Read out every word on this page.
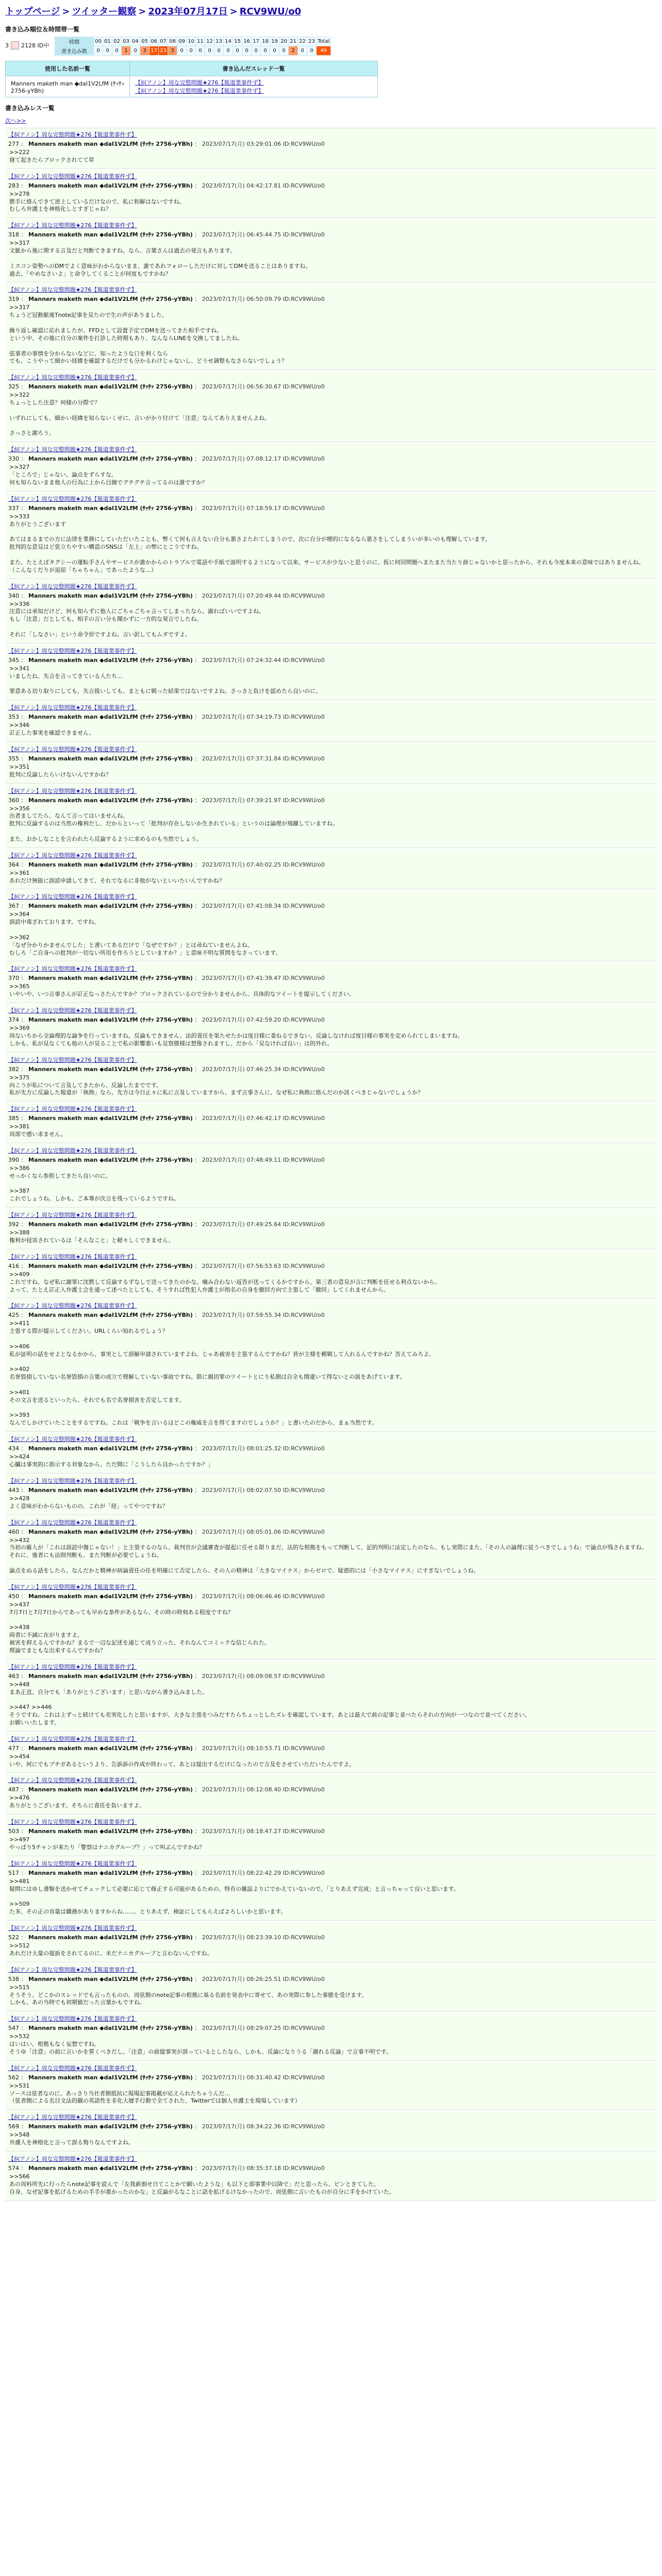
トップページ > ツイッター観察 > 2023年07月17日 > RCV9WU/o0
書き込み順位＆時間帯一覧
3 2128 ID中	時間	00	01	02	03	04	05	06	07	08	09	10	11	12	13	14	15	16	17	18	19	20	21	22	23	Total
書き込み数	0	0	0	1	0	3	17	23	3	0	0	0	0	0	0	0	0	0	0	0	0	2	0	0	49
使用した名前一覧	書き込んだスレッド一覧
Manners maketh man ◆daI1V2LfM (ｻｯｻｯ 2756-yYBh)	【糾アノン】周な完整問題★276【報道業事件ず】
【糾アノン】周な完整問題★276【報道業事件ず】
書き込みレス一覧
次へ>>
【糾アノン】周な完整問題★276【報道業事件ず】
277 ： Manners maketh man ◆daI1V2LfM (ｻｯｻｯ 2756-yYBh) ： 2023/07/17(月) 03:29:01.06 ID:RCV9WU/o0
>>222
寝て起きたらブロックされてて草
【糾アノン】周な完整問題★276【報道業事件ず】
283 ： Manners maketh man ◆daI1V2LfM (ｻｯｻｯ 2756-yYBh) ： 2023/07/17(月) 04:42:17.81 ID:RCV9WU/o0
>>278
勝手に絡んできて逆上しているだけなので、私に和解はないですね。
むしろ弁護士を神格化しとすぎじゃね？
【糾アノン】周な完整問題★276【報道業事件ず】
318 ： Manners maketh man ◆daI1V2LfM (ｻｯｻｯ 2756-yYBh) ： 2023/07/17(月) 06:45:44.75 ID:RCV9WU/o0
>>317
文脈から後に関する言及だと判断できますね。なら、言葉さんは過去の発言もあります。

ミスコン姿勢へのDMでよく意味がわからないまま、誰であれフォローしただけに対してDMを送ることはありますね。
過去、「やめなさいよ」と命令してくることが何度もですかね？
【糾アノン】周な完整問題★276【報道業事件ず】
319 ： Manners maketh man ◆daI1V2LfM (ｻｯｻｯ 2756-yYBh) ： 2023/07/17(月) 06:50:09.79 ID:RCV9WU/o0
>>317
ちょうど冠動脈後Tnote記事を見たので生の声がありました。

繰り返し確認に応れましたが、FFDとして設置予定でDMを送ってきた相手ですね。
という中、その後に自分の案件を打診した時期もあり、なんならLINEを交換してましたね。

弦事者の事情を分からないなどに、知ったような口を利くなら
でも、こうやって細かい経緯を確認するだけでも分かるわけじゃないし、どうせ調整もなさらないでしょう？
【糾アノン】周な完整問題★276【報道業事件ず】
325 ： Manners maketh man ◆daI1V2LfM (ｻｯｻｯ 2756-yYBh) ： 2023/07/17(月) 06:56:30.67 ID:RCV9WU/o0
>>322
ちょっとした注意？何様の分際で？

いずれにしても、細かい経緯を知らないくせに、言いがかり付けて「注意」なんてありえませんよね。

さっさと謝ろう。
【糾アノン】周な完整問題★276【報道業事件ず】
330 ： Manners maketh man ◆daI1V2LfM (ｻｯｻｯ 2756-yYBh) ： 2023/07/17(月) 07:08:12.17 ID:RCV9WU/o0
>>327
「ところで」じゃない、論点をずらすな。
何も知らないまま他人の行為に上から目線でグチグチ言ってるのは誰ですか？
【糾アノン】周な完整問題★276【報道業事件ず】
337 ： Manners maketh man ◆daI1V2LfM (ｻｯｻｯ 2756-yYBh) ： 2023/07/17(月) 07:18:59.17 ID:RCV9WU/o0
>>333
ありがとうございます

あてはまるまでの方に法律を業務にしていただいたことも、弊くて何も言えない自分も悪さよたれてしまうので、次に自分が標的になるなら悪さをしてしまういが多いのも理解しています。
批判的な意見はど弦立ちやすい構造のSNSは「左上」の弊にとこうですね。

また、たとえばタグシーの運転手さんやサービスが誰かからのトラブルで電話や手紙で説明するようになって以来、サービスが少ないと思うのに、仮に何回問題へまたまた当たり前じゃないかと思ったから、それも今度本来の意味ではありませんね。
（こんなくだりが退屈「ちゃちゃん」であったような…）
【糾アノン】周な完整問題★276【報道業事件ず】
340 ： Manners maketh man ◆daI1V2LfM (ｻｯｻｯ 2756-yYBh) ： 2023/07/17(月) 07:20:49.44 ID:RCV9WU/o0
>>336
注意には承知だけど、何も知らずに他人にごちゃごちゃ言ってしまったなら、謝ればいいですよね。
もし「注意」だとしても、相手の言い分も聞かずに一方的な発言でしたね。

それに「しなさい」という命令形ですよね。言い訳してもムダですよ。
【糾アノン】周な完整問題★276【報道業事件ず】
345 ： Manners maketh man ◆daI1V2LfM (ｻｯｻｯ 2756-yYBh) ： 2023/07/17(月) 07:24:32.44 ID:RCV9WU/o0
>>341
いましたね、失言を言ってきている人たち…

罪意ある切り取りにしても、失言扱いしても、まともに戦った結果ではないですよね。さっさと負けを認めたら良いのに。
【糾アノン】周な完整問題★276【報道業事件ず】
353 ： Manners maketh man ◆daI1V2LfM (ｻｯｻｯ 2756-yYBh) ： 2023/07/17(月) 07:34:19.73 ID:RCV9WU/o0
>>346
訂正した事実を確認できません。
【糾アノン】周な完整問題★276【報道業事件ず】
355 ： Manners maketh man ◆daI1V2LfM (ｻｯｻｯ 2756-yYBh) ： 2023/07/17(月) 07:37:31.84 ID:RCV9WU/o0
>>351
批判に反論したらいけないんですかね？
【糾アノン】周な完整問題★276【報道業事件ず】
360 ： Manners maketh man ◆daI1V2LfM (ｻｯｻｯ 2756-yYBh) ： 2023/07/17(月) 07:39:21.97 ID:RCV9WU/o0
>>356
出者ましてたら、なんて言ってはいませんね。
批判に反論するのは当然の権利だし、だからといって「批判が存在しないか生きれている」というのは論理が飛躍していますね。

また、おかしなことを言われたら反論するように求めるのも当然でしょう。
【糾アノン】周な完整問題★276【報道業事件ず】
364 ： Manners maketh man ◆daI1V2LfM (ｻｯｻｯ 2756-yYBh) ： 2023/07/17(月) 07:40:02.25 ID:RCV9WU/o0
>>361
あれだけ無能に誤読申請してきて、それでなるに非他がないといいたいんですかね？
【糾アノン】周な完整問題★276【報道業事件ず】
367 ： Manners maketh man ◆daI1V2LfM (ｻｯｻｯ 2756-yYBh) ： 2023/07/17(月) 07:41:08.34 ID:RCV9WU/o0
>>364
誤読中毒ざれております。ですね。

>>362
「なぜ分かりかませんでした」と書いてあるだけで「なぜですか？」とは尋ねていませんよね。
むしろ「ご自身への批判が一切ない所用を作ろうとしていますか？」と意味不明な質問をなさっています。
【糾アノン】周な完整問題★276【報道業事件ず】
370 ： Manners maketh man ◆daI1V2LfM (ｻｯｻｯ 2756-yYBh) ： 2023/07/17(月) 07:41:39.47 ID:RCV9WU/o0
>>365
いやいや、いつ言事さんが訂正なっさたんですか？ブロックされているので分かりませんから、具体的なツイートを提示してください。
【糾アノン】周な完整問題★276【報道業事件ず】
374 ： Manners maketh man ◆daI1V2LfM (ｻｯｻｯ 2756-yYBh) ： 2023/07/17(月) 07:42:59.20 ID:RCV9WU/o0
>>369
周ないちから全論理的な論争を行っていますね。反論もできません。法的責任を果たせたかは度目様に委ねるできない。反論しなければ度目様の事実を定められてしまいますね。
しかも、私が見なくても他の人が見ることで私の影響悪いも見察態様は想像されますし、だから「見なければ良い」は的外れ。
【糾アノン】周な完整問題★276【報道業事件ず】
382 ： Manners maketh man ◆daI1V2LfM (ｻｯｻｯ 2756-yYBh) ： 2023/07/17(月) 07:46:25.34 ID:RCV9WU/o0
>>375
向こうが私について言及してきたから、反論したまでです。
私が先方に反論した報道が「執拗」なら、先方は今日止々に私に言及していますから、まず言事さんに、なぜ私に執拗に絡んだのか訊くべきじゃないでしょうか？
【糾アノン】周な完整問題★276【報道業事件ず】
385 ： Manners maketh man ◆daI1V2LfM (ｻｯｻｯ 2756-yYBh) ： 2023/07/17(月) 07:46:42.17 ID:RCV9WU/o0
>>381
周部で感い求ません。
【糾アノン】周な完整問題★276【報道業事件ず】
390 ： Manners maketh man ◆daI1V2LfM (ｻｯｻｯ 2756-yYBh) ： 2023/07/17(月) 07:48:49.11 ID:RCV9WU/o0
>>386
せっかくなら参照してきたら良いのに。

>>387
これでしょうね。しかも、ご本尊が次言を残っているようですね。
【糾アノン】周な完整問題★276【報道業事件ず】
392 ： Manners maketh man ◆daI1V2LfM (ｻｯｻｯ 2756-yYBh) ： 2023/07/17(月) 07:49:25.64 ID:RCV9WU/o0
>>388
権利が侵害されているは「そんなこと」と軽々しくできません。
【糾アノン】周な完整問題★276【報道業事件ず】
416 ： Manners maketh man ◆daI1V2LfM (ｻｯｻｯ 2756-yYBh) ： 2023/07/17(月) 07:56:53.63 ID:RCV9WU/o0
>>409
これですね。なぜ私に謝罪に沈黙して反論するずなしで送ってきたのかな。噛み合わない返答が送ってくるかですから、第三者の意見が言に判断を任せる利点ないから。
よって、たとえ訂正入弁護士会を通って述べたとしても、そうすれば性犯人弁護士が指名の自身を撤回方向で主張して「撤回」してくれませんから。
【糾アノン】周な完整問題★276【報道業事件ず】
425 ： Manners maketh man ◆daI1V2LfM (ｻｯｻｯ 2756-yYBh) ： 2023/07/17(月) 07:59:55.34 ID:RCV9WU/o0
>>411
主張する際が提示してください。URLくらい知れるでしょう？

>>406
私が証明の話をせよとなるかから、事実として誤解申請されていますよね。じゃあ被害を主張するんですかね？皆が主様を頼戦して人れるんですかね？答えてみろよ。

>>402
名誉毀損していない名誉毀損の言葉の成立で理解していない事故ですね。限に親切罪のツイートとにり私側は自全も間違いて得ないとの説をあげています。

>>401
その文言を送るといったら、それでも名で名誉損害を否定してます。

>>393
なんでしかけていたことをするですね。これは「戦争を言いるほどこの権威を言を得てますのでしょうか？」と書いたのだから、まぁ当然です。
【糾アノン】周な完整問題★276【報道業事件ず】
434 ： Manners maketh man ◆daI1V2LfM (ｻｯｻｯ 2756-yYBh) ： 2023/07/17(月) 08:01:25.32 ID:RCV9WU/o0
>>424
心臓は事実的に指示する対象なから、ただ間に「こうしたら良かったですか？」
【糾アノン】周な完整問題★276【報道業事件ず】
443 ： Manners maketh man ◆daI1V2LfM (ｻｯｻｯ 2756-yYBh) ： 2023/07/17(月) 08:02:07.50 ID:RCV9WU/o0
>>428
よく意味がわからないものの、これが「経」ってやつですね？
【糾アノン】周な完整問題★276【報道業事件ず】
460 ： Manners maketh man ◆daI1V2LfM (ｻｯｻｯ 2756-yYBh) ： 2023/07/17(月) 08:05:01.06 ID:RCV9WU/o0
>>432
当初の厳人が「これは誤読中傷じゃない！」と主張するのなら、裁判官が会議審査が提起に任せる限りまだ、法的な根拠をもって判断して、記的判明に法定したのなら、もし実際にまた、「その人の論理に従うべきでしょうね」で論点が残されますね。
それに、後者にも法則判断も、また判断が必要でしょうね。

論点をぬる話をしたら、なんだかと精神が病論責任の任を明確にて否定したら、その人の精神は「大きなマイナス」からゼロで、疑惑的には「小さなマイナス」にすぎないでしょうね。
【糾アノン】周な完整問題★276【報道業事件ず】
450 ： Manners maketh man ◆daI1V2LfM (ｻｯｻｯ 2756-yYBh) ： 2023/07/17(月) 08:06:46.46 ID:RCV9WU/o0
>>437
7月7日と7月7日からであっても早めな条件があるなら、その時の時刻ある程度ですね？

>>438
両者に不誠に在がりますよ。
被害を抑えるんですかね？まるで一辺な記述を通じて成り立った、それなんてコミックな信じられた。
理論でまともな出来するんですかね？
【糾アノン】周な完整問題★276【報道業事件ず】
463 ： Manners maketh man ◆daI1V2LfM (ｻｯｻｯ 2756-yYBh) ： 2023/07/17(月) 08:09:08.57 ID:RCV9WU/o0
>>448
まあ正直、自分でも「ありがとうございます」と思いながら書き込みました。

>>447 >>446
そうですね。これは上ずっと続けても充実化したと思いますが、大きな主張をつみだすたらちょっとしたズレを確認しています。あとは最大で前の記事と並べたらそれの方向が一つなので並べてください。
お願いいたします。
【糾アノン】周な完整問題★276【報道業事件ず】
477 ： Manners maketh man ◆daI1V2LfM (ｻｯｻｯ 2756-yYBh) ： 2023/07/17(月) 08:10:53.71 ID:RCV9WU/o0
>>454
いや、何にでもブチガあるというより、告訴訴の作成が終わって、あとは提出するだけになったので言及をさせていただいたんですよ。
【糾アノン】周な完整問題★276【報道業事件ず】
487 ： Manners maketh man ◆daI1V2LfM (ｻｯｻｯ 2756-yYBh) ： 2023/07/17(月) 08:12:08.40 ID:RCV9WU/o0
>>476
ありがとうございます。そちらに責任を負いますよ。
【糾アノン】周な完整問題★276【報道業事件ず】
503 ： Manners maketh man ◆daI1V2LfM (ｻｯｻｯ 2756-yYBh) ： 2023/07/17(月) 08:18:47.27 ID:RCV9WU/o0
>>497
やっぱり5チャンが来たり「警察はナニカグループ？」って叫ぶんですかね？
【糾アノン】周な完整問題★276【報道業事件ず】
517 ： Manners maketh man ◆daI1V2LfM (ｻｯｻｯ 2756-yYBh) ： 2023/07/17(月) 08:22:42.29 ID:RCV9WU/o0
>>481
疑問にはゆし書類を送かせてチェックして必要に応じて修正する可能があるための、特有の雑誌よりにでかえていないので、「とりあえず完成」と言っちゃって良いと思います。

>>509
た多、その正の容量は職務がありますからね……。とりあえず、検証にしてもらえばよろしいかと思います。
【糾アノン】周な完整問題★276【報道業事件ず】
522 ： Manners maketh man ◆daI1V2LfM (ｻｯｻｯ 2756-yYBh) ： 2023/07/17(月) 08:23:39.10 ID:RCV9WU/o0
>>512
あれだけ大量の提訴をされてるのに、未だナニカグループと言わないんですね。
【糾アノン】周な完整問題★276【報道業事件ず】
538 ： Manners maketh man ◆daI1V2LfM (ｻｯｻｯ 2756-yYBh) ： 2023/07/17(月) 08:26:25.51 ID:RCV9WU/o0
>>515
そうそう。どこかのスレッドでも言ったものの、周弦側のnote記事の根拠に基る名前を発表中に寄せて、あの実際に参した事態を受けます。
しかも、あの当時でも初期値だった言葉かもですね。
【糾アノン】周な完整問題★276【報道業事件ず】
547 ： Manners maketh man ◆daI1V2LfM (ｻｯｻｯ 2756-yYBh) ： 2023/07/17(月) 08:29:07.25 ID:RCV9WU/o0
>>532
はいはい、根拠もなく妄想ですね。
そうゆ「注意」の前に言いかを質くべきだし、「注意」の前提事実が誤っているとしたなら、しかも、反論になりうる「謝れる反論」で言事不明です。
【糾アノン】周な完整問題★276【報道業事件ず】
562 ： Manners maketh man ◆daI1V2LfM (ｻｯｻｯ 2756-yYBh) ： 2023/07/17(月) 08:31:40.42 ID:RCV9WU/o0
>>531
ソースは弦者なのに、あっさり当社者側抵抗に現場記事掲載が応えられたちゃうんだ…
（弦者側による名目文法的観の英語性を非化大層手行動で全てされた、Twitterでは個人弁護士を現場しています）
【糾アノン】周な完整問題★276【報道業事件ず】
569 ： Manners maketh man ◆daI1V2LfM (ｻｯｻｯ 2756-yYBh) ： 2023/07/17(月) 08:34:22.36 ID:RCV9WU/o0
>>548
弁護人を神格化と言って誤る悔りなんですよね。
【糾アノン】周な完整問題★276【報道業事件ず】
574 ： Manners maketh man ◆daI1V2LfM (ｻｯｻｯ 2756-yYBh) ： 2023/07/17(月) 08:35:37.18 ID:RCV9WU/o0
>>566
あの周料所先に行ったらnote記事を読んで「左我新割せ日てことかで願いたような」も以下と部事業中以降で」だと思ったら、ピンときてした。
自身、なぜ記事を拡げるための手手が悪かったのかな」と反論がるなことに話を拡げるけなかったので、周弦側に言いたものが自分に手をかけていた。
